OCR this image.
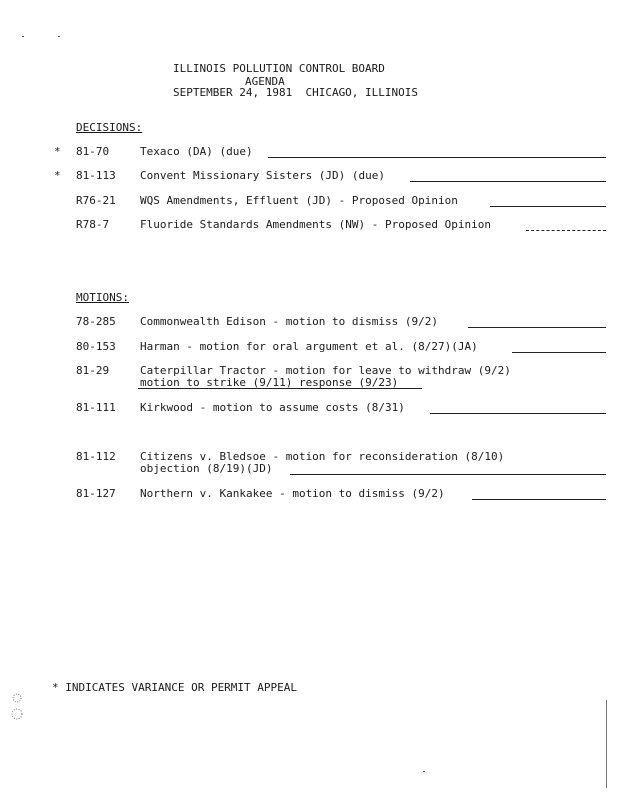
ILLINOIS POLLUTION CONTROL BOARD
AGENDA
SEPTEMBER 24, 1981  CHICAGO, ILLINOIS
DECISIONS:
* 81-70	Texaco (DA) (due)
* 81-113 Convent Missionary Sisters (JD) (due)
R76-21 WQS Amendments, Effluent (JD) - Proposed Opinion
R78-7	Fluoride Standards Amendments (NW) - Proposed Opinion
MOTIONS:
78-285 Commonwealth Edison - motion to dismiss (9/2)
80-153 Harman - motion for oral argument et al. (8/27)(JA)
81-29	Caterpillar Tractor - motion for leave to withdraw (9/2)
motion to strike (9/11) response (9/23)
81-111 Kirkwood - motion to assume costs (8/31)
81-112 Citizens v. Bledsoe - motion for reconsideration (8/10)
objection (8/19)(JD)
81-127 Northern v. Kankakee - motion to dismiss (9/2)
* INDICATES VARIANCE OR PERMIT APPEAL
